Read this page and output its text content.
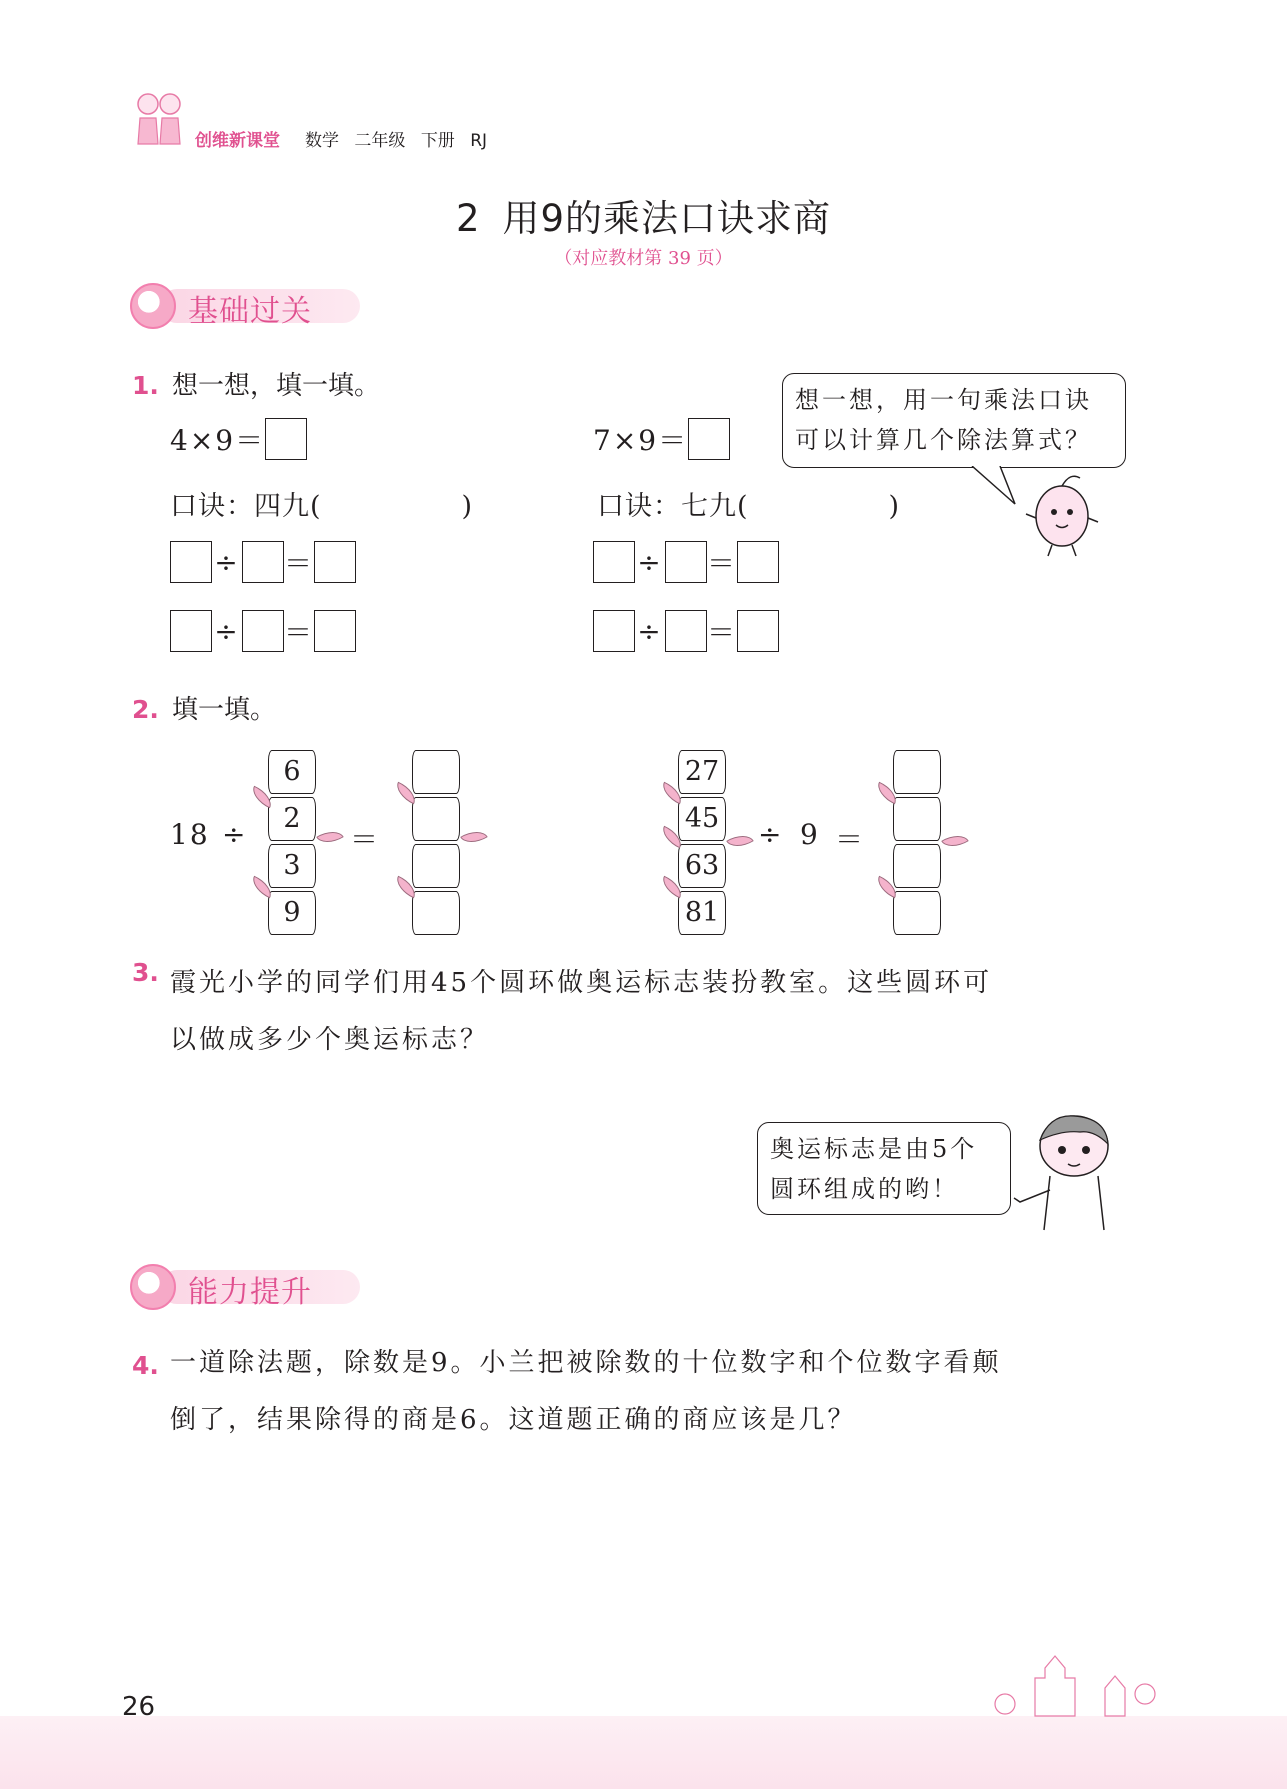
创维新课堂 数学 二年级 下册 RJ
2 用9的乘法口诀求商
（对应教材第 39 页）
基础过关
1. 想一想，填一填。
4×9＝
口诀：四九(	)
÷ ＝
÷ ＝
7×9＝
口诀：七九(	)
÷ ＝
÷ ＝
想一想，用一句乘法口诀
可以计算几个除法算式？
2. 填一填。
18 ÷
6
2
3
9
＝
27
45
63
81
÷ 9 ＝
3. 霞光小学的同学们用45个圆环做奥运标志装扮教室。这些圆环可
以做成多少个奥运标志？
奥运标志是由5个
圆环组成的哟！
能力提升
4. 一道除法题，除数是9。小兰把被除数的十位数字和个位数字看颠
倒了，结果除得的商是6。这道题正确的商应该是几？
26
